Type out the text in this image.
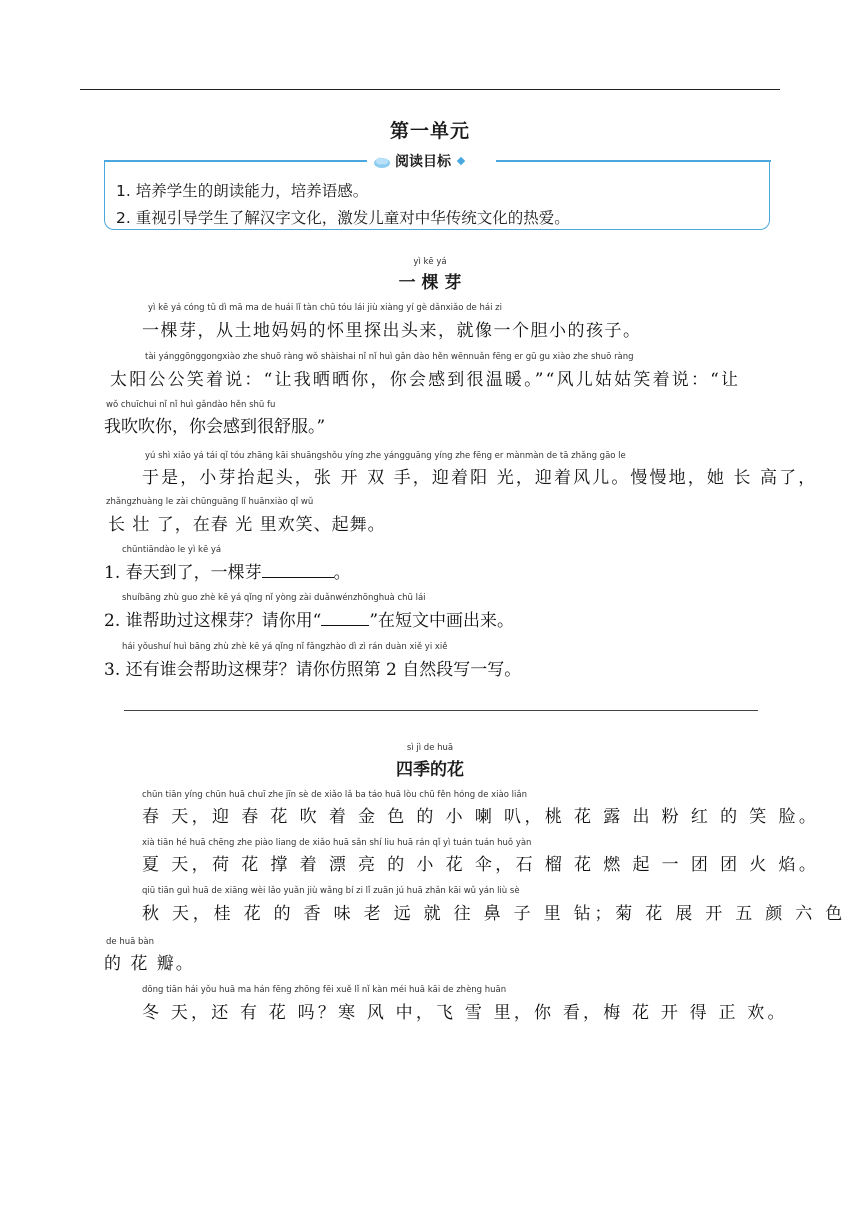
第一单元
阅读目标
1. 培养学生的朗读能力，培养语感。
2. 重视引导学生了解汉字文化，激发儿童对中华传统文化的热爱。
yì kē yá
一 棵 芽
yì kē yá cóng tǔ dì mā ma de huái lǐ tàn chū tóu lái jiù xiàng yí gè dǎnxiǎo de hái zi
一棵芽，从土地妈妈的怀里探出头来，就像一个胆小的孩子。
tài yánggōnggongxiào zhe shuō ràng wǒ shàishai nǐ nǐ huì gǎn dào hěn wēnnuǎn fēng er gū gu xiào zhe shuō ràng
太阳公公笑着说：“让我晒晒你，你会感到很温暖。”“风儿姑姑笑着说：“让
wǒ chuīchui nǐ nǐ huì gǎndào hěn shū fu
我吹吹你，你会感到很舒服。”
yú shì xiǎo yá tái qǐ tóu zhāng kāi shuāngshǒu yíng zhe yángguāng yíng zhe fēng er mànmàn de tā zhǎng gāo le
于是，小芽抬起头，张 开 双 手，迎着阳 光，迎着风儿。慢慢地，她 长 高了，
zhǎngzhuàng le zài chūnguāng lǐ huānxiào qǐ wǔ
长 壮 了，在春 光 里欢笑、起舞。
chūntiāndào le yì kē yá
1. 春天到了，一棵芽	。
shuíbāng zhù guo zhè kē yá qǐng nǐ yòng zài duǎnwénzhōnghuà chū lái
2. 谁帮助过这棵芽？请你用“	”在短文中画出来。
hái yǒushuí huì bāng zhù zhè kē yá qǐng nǐ fǎngzhào dì zì rán duàn xiě yi xiě
3. 还有谁会帮助这棵芽？请你仿照第 2 自然段写一写。
sì jì de huā
四季的花
chūn tiān yíng chūn huā chuī zhe jīn sè de xiǎo lǎ ba táo huā lòu chū fěn hóng de xiào liǎn
春 天，迎 春 花 吹 着 金 色 的 小 喇 叭，桃 花 露 出 粉 红 的 笑 脸。
xià tiān hé huā chēng zhe piào liang de xiǎo huā sǎn shí liu huā rán qǐ yì tuán tuán huǒ yàn
夏 天，荷 花 撑 着 漂 亮 的 小 花 伞，石 榴 花 燃 起 一 团 团 火 焰。
qiū tiān guì huā de xiāng wèi lǎo yuǎn jiù wǎng bí zi lǐ zuān jú huā zhǎn kāi wǔ yán liù sè
秋 天，桂 花 的 香 味 老 远 就 往 鼻 子 里 钻；菊 花 展 开 五 颜 六 色
de huā bàn
的 花 瓣。
dōng tiān hái yǒu huā ma hán fēng zhōng fēi xuě lǐ nǐ kàn méi huā kāi de zhèng huān
冬 天，还 有 花 吗？寒 风 中，飞 雪 里，你 看，梅 花 开 得 正 欢。
